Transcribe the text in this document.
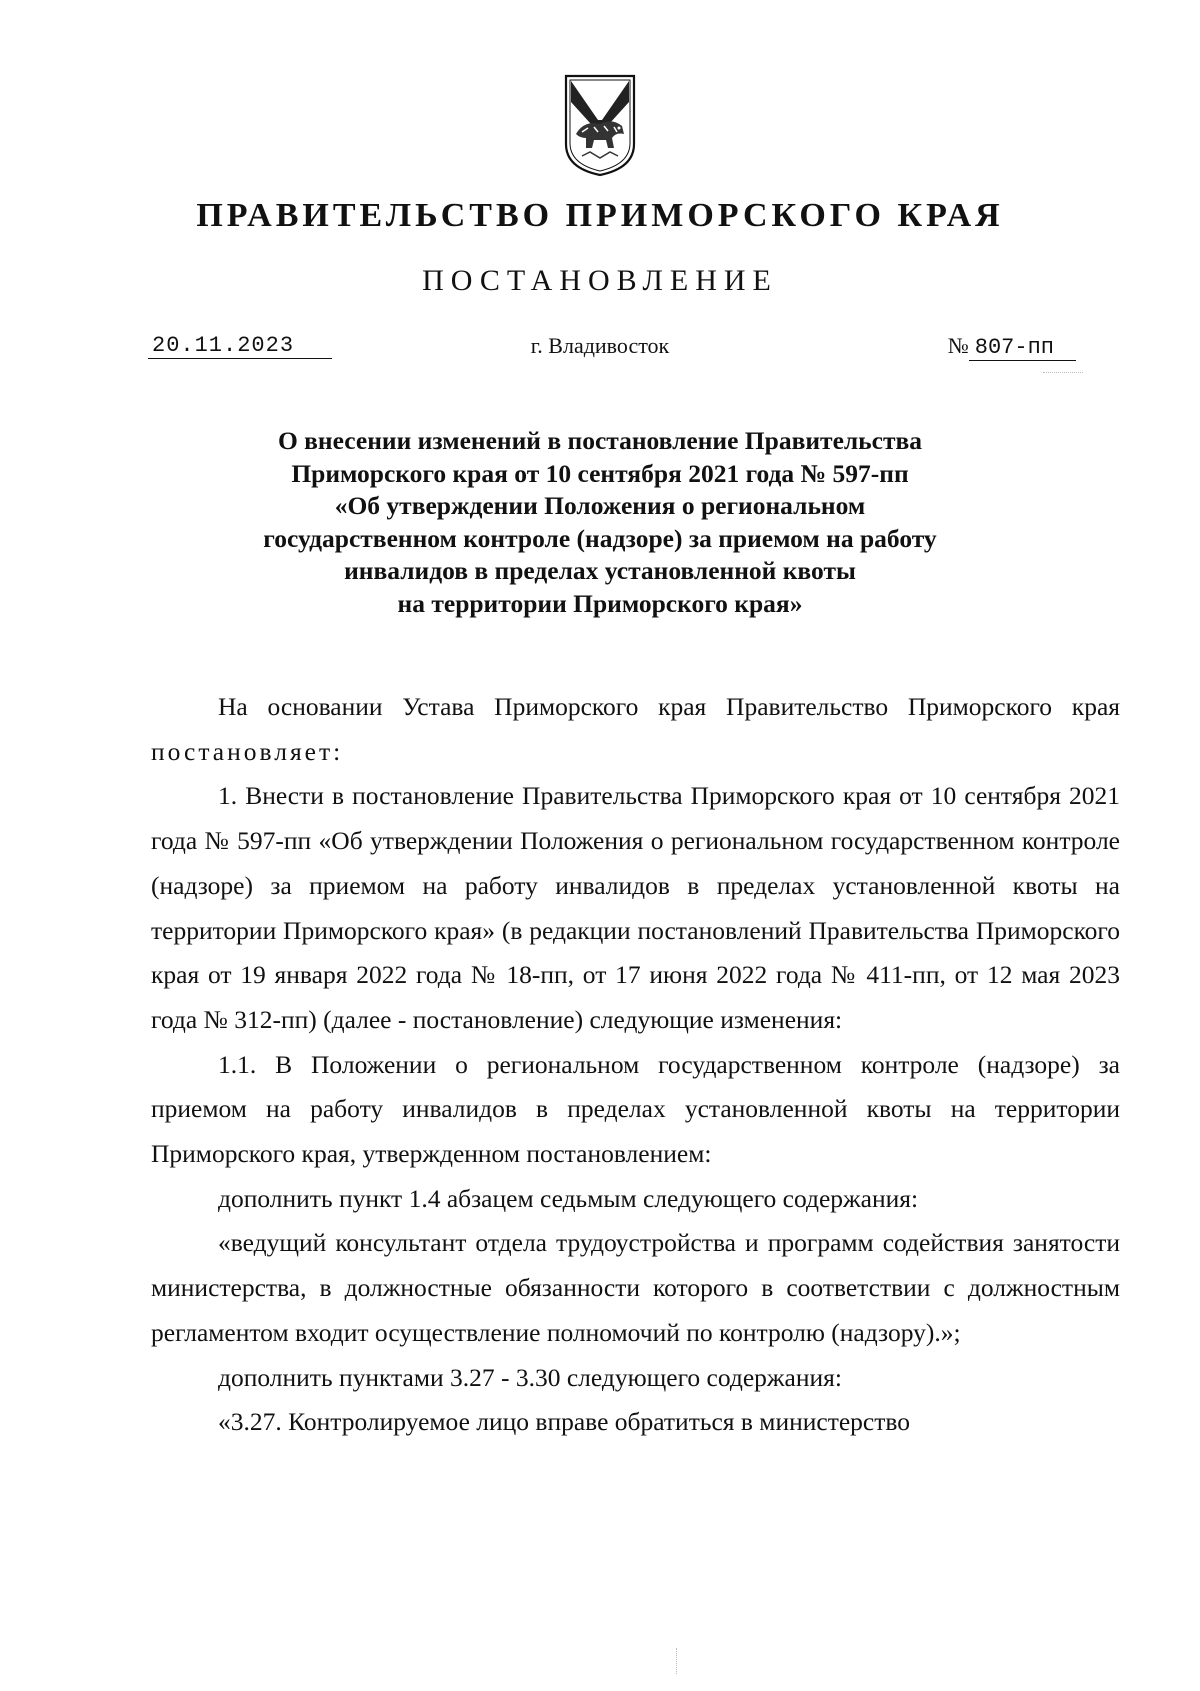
ПРАВИТЕЛЬСТВО ПРИМОРСКОГО КРАЯ
ПОСТАНОВЛЕНИЕ
20.11.2023	г. Владивосток	№ 807-пп
О внесении изменений в постановление Правительства
Приморского края от 10 сентября 2021 года № 597-пп
«Об утверждении Положения о региональном
государственном контроле (надзоре) за приемом на работу
инвалидов в пределах установленной квоты
на территории Приморского края»

На основании Устава Приморского края Правительство Приморского края постановляет:

1. Внести в постановление Правительства Приморского края от 10 сентября 2021 года № 597-пп «Об утверждении Положения о региональном государственном контроле (надзоре) за приемом на работу инвалидов в пределах установленной квоты на территории Приморского края» (в редакции постановлений Правительства Приморского края от 19 января 2022 года № 18-пп, от 17 июня 2022 года № 411-пп, от 12 мая 2023 года № 312-пп) (далее - постановление) следующие изменения:

1.1. В Положении о региональном государственном контроле (надзоре) за приемом на работу инвалидов в пределах установленной квоты на территории Приморского края, утвержденном постановлением:

дополнить пункт 1.4 абзацем седьмым следующего содержания:

«ведущий консультант отдела трудоустройства и программ содействия занятости министерства, в должностные обязанности которого в соответствии с должностным регламентом входит осуществление полномочий по контролю (надзору).»;

дополнить пунктами 3.27 - 3.30 следующего содержания:

«3.27. Контролируемое лицо вправе обратиться в министерство
